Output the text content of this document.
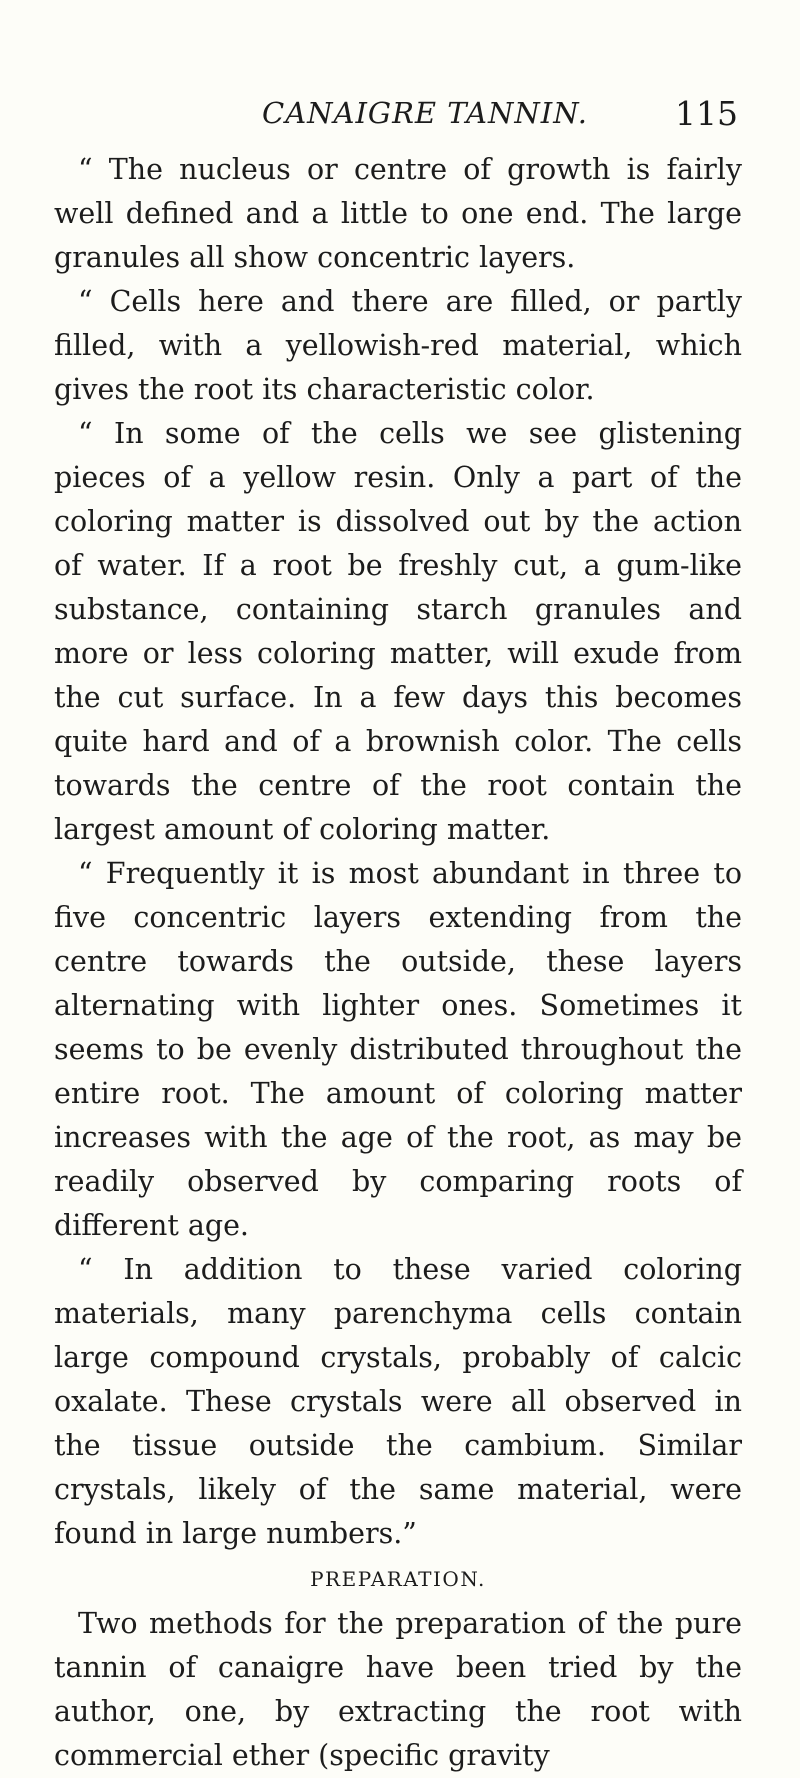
CANAIGRE TANNIN.	115

“ The nucleus or centre of growth is fairly well defined and a little to one end. The large granules all show concentric layers.

“ Cells here and there are filled, or partly filled, with a yellowish-red material, which gives the root its characteristic color.

“ In some of the cells we see glistening pieces of a yellow resin. Only a part of the coloring matter is dissolved out by the action of water. If a root be freshly cut, a gum-like substance, containing starch granules and more or less coloring matter, will exude from the cut surface. In a few days this becomes quite hard and of a brownish color. The cells towards the centre of the root contain the largest amount of coloring matter.

“ Frequently it is most abundant in three to five concentric layers extending from the centre towards the outside, these layers alternating with lighter ones. Sometimes it seems to be evenly distributed throughout the entire root. The amount of coloring matter increases with the age of the root, as may be readily observed by comparing roots of different age.

“ In addition to these varied coloring materials, many parenchyma cells contain large compound crystals, probably of calcic oxalate. These crystals were all observed in the tissue outside the cambium. Similar crystals, likely of the same material, were found in large numbers.”

PREPARATION.

Two methods for the preparation of the pure tannin of canaigre have been tried by the author, one, by extracting the root with commercial ether (specific gravity
